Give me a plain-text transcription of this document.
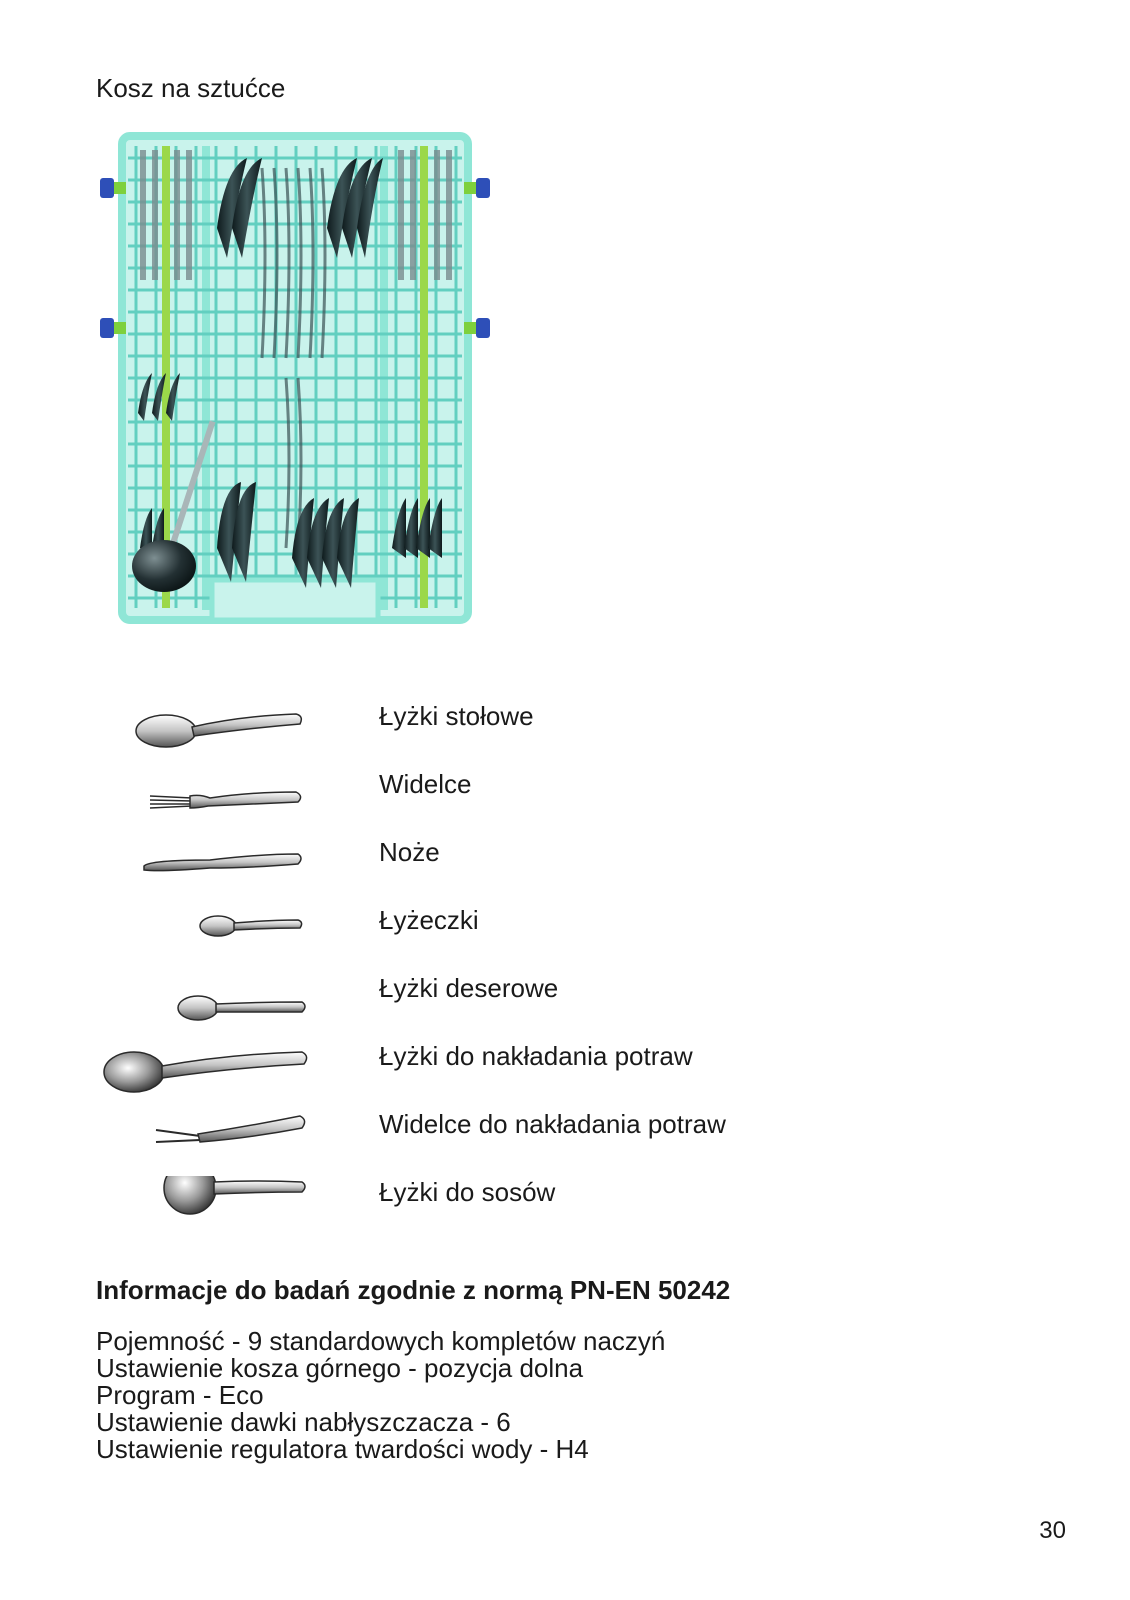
Kosz na sztućce
Łyżki stołowe
Widelce
Noże
Łyżeczki
Łyżki deserowe
Łyżki do nakładania potraw
Widelce do nakładania potraw
Łyżki do sosów
Informacje do badań zgodnie z normą PN-EN 50242
Pojemność - 9 standardowych kompletów naczyń
Ustawienie kosza górnego - pozycja dolna
Program - Eco
Ustawienie dawki nabłyszczacza - 6
Ustawienie regulatora twardości wody - H4
30
